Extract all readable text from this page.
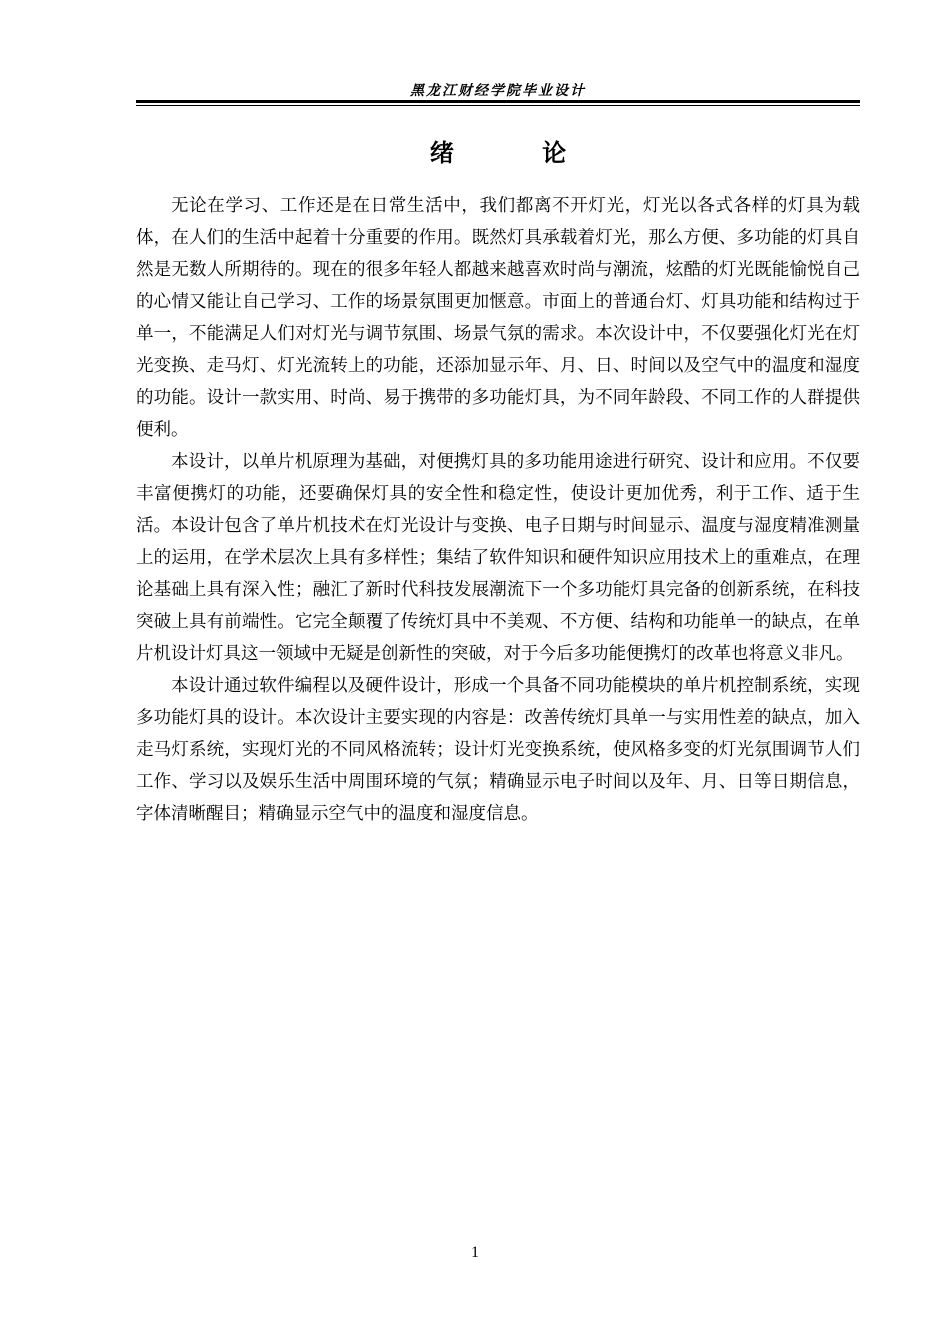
黑龙江财经学院毕业设计
绪 论

无论在学习、工作还是在日常生活中，我们都离不开灯光，灯光以各式各样的灯具为载体，在人们的生活中起着十分重要的作用。既然灯具承载着灯光，那么方便、多功能的灯具自然是无数人所期待的。现在的很多年轻人都越来越喜欢时尚与潮流，炫酷的灯光既能愉悦自己的心情又能让自己学习、工作的场景氛围更加惬意。市面上的普通台灯、灯具功能和结构过于单一，不能满足人们对灯光与调节氛围、场景气氛的需求。本次设计中，不仅要强化灯光在灯光变换、走马灯、灯光流转上的功能，还添加显示年、月、日、时间以及空气中的温度和湿度的功能。设计一款实用、时尚、易于携带的多功能灯具，为不同年龄段、不同工作的人群提供便利。

本设计，以单片机原理为基础，对便携灯具的多功能用途进行研究、设计和应用。不仅要丰富便携灯的功能，还要确保灯具的安全性和稳定性，使设计更加优秀，利于工作、适于生活。本设计包含了单片机技术在灯光设计与变换、电子日期与时间显示、温度与湿度精准测量上的运用，在学术层次上具有多样性；集结了软件知识和硬件知识应用技术上的重难点，在理论基础上具有深入性；融汇了新时代科技发展潮流下一个多功能灯具完备的创新系统，在科技突破上具有前端性。它完全颠覆了传统灯具中不美观、不方便、结构和功能单一的缺点，在单片机设计灯具这一领域中无疑是创新性的突破，对于今后多功能便携灯的改革也将意义非凡。

本设计通过软件编程以及硬件设计，形成一个具备不同功能模块的单片机控制系统，实现多功能灯具的设计。本次设计主要实现的内容是：改善传统灯具单一与实用性差的缺点，加入走马灯系统，实现灯光的不同风格流转；设计灯光变换系统，使风格多变的灯光氛围调节人们工作、学习以及娱乐生活中周围环境的气氛；精确显示电子时间以及年、月、日等日期信息，字体清晰醒目；精确显示空气中的温度和湿度信息。

1
